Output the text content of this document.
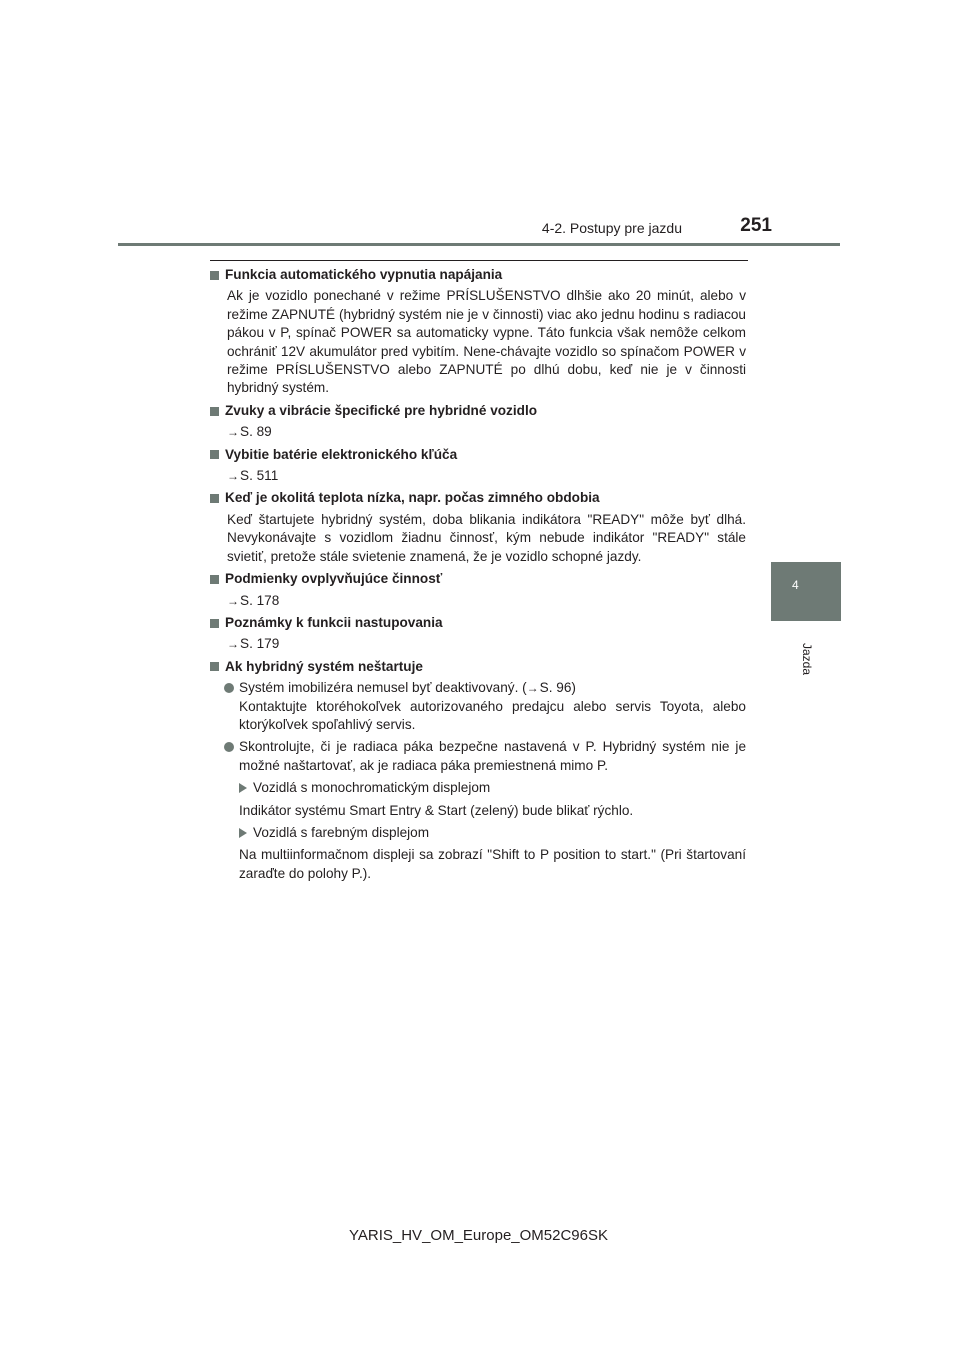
4-2. Postupy pre jazdu	251
4
Jazda
Funkcia automatického vypnutia napájania
Ak je vozidlo ponechané v režime PRÍSLUŠENSTVO dlhšie ako 20 minút, alebo v režime ZAPNUTÉ (hybridný systém nie je v činnosti) viac ako jednu hodinu s radiacou pákou v P, spínač POWER sa automaticky vypne. Táto funkcia však nemôže celkom ochrániť 12V akumulátor pred vybitím. Nene-chávajte vozidlo so spínačom POWER v režime PRÍSLUŠENSTVO alebo ZAPNUTÉ po dlhú dobu, keď nie je v činnosti hybridný systém.
Zvuky a vibrácie špecifické pre hybridné vozidlo
→S. 89
Vybitie batérie elektronického kľúča
→S. 511
Keď je okolitá teplota nízka, napr. počas zimného obdobia
Keď štartujete hybridný systém, doba blikania indikátora "READY" môže byť dlhá. Nevykonávajte s vozidlom žiadnu činnosť, kým nebude indikátor "READY" stále svietiť, pretože stále svietenie znamená, že je vozidlo schopné jazdy.
Podmienky ovplyvňujúce činnosť
→S. 178
Poznámky k funkcii nastupovania
→S. 179
Ak hybridný systém neštartuje
Systém imobilizéra nemusel byť deaktivovaný. (→S. 96)
Kontaktujte ktoréhokoľvek autorizovaného predajcu alebo servis Toyota, alebo ktorýkoľvek spoľahlivý servis.
Skontrolujte, či je radiaca páka bezpečne nastavená v P. Hybridný systém nie je možné naštartovať, ak je radiaca páka premiestnená mimo P.
Vozidlá s monochromatickým displejom
Indikátor systému Smart Entry & Start (zelený) bude blikať rýchlo.
Vozidlá s farebným displejom
Na multiinformačnom displeji sa zobrazí "Shift to P position to start." (Pri štartovaní zaraďte do polohy P.).
YARIS_HV_OM_Europe_OM52C96SK
